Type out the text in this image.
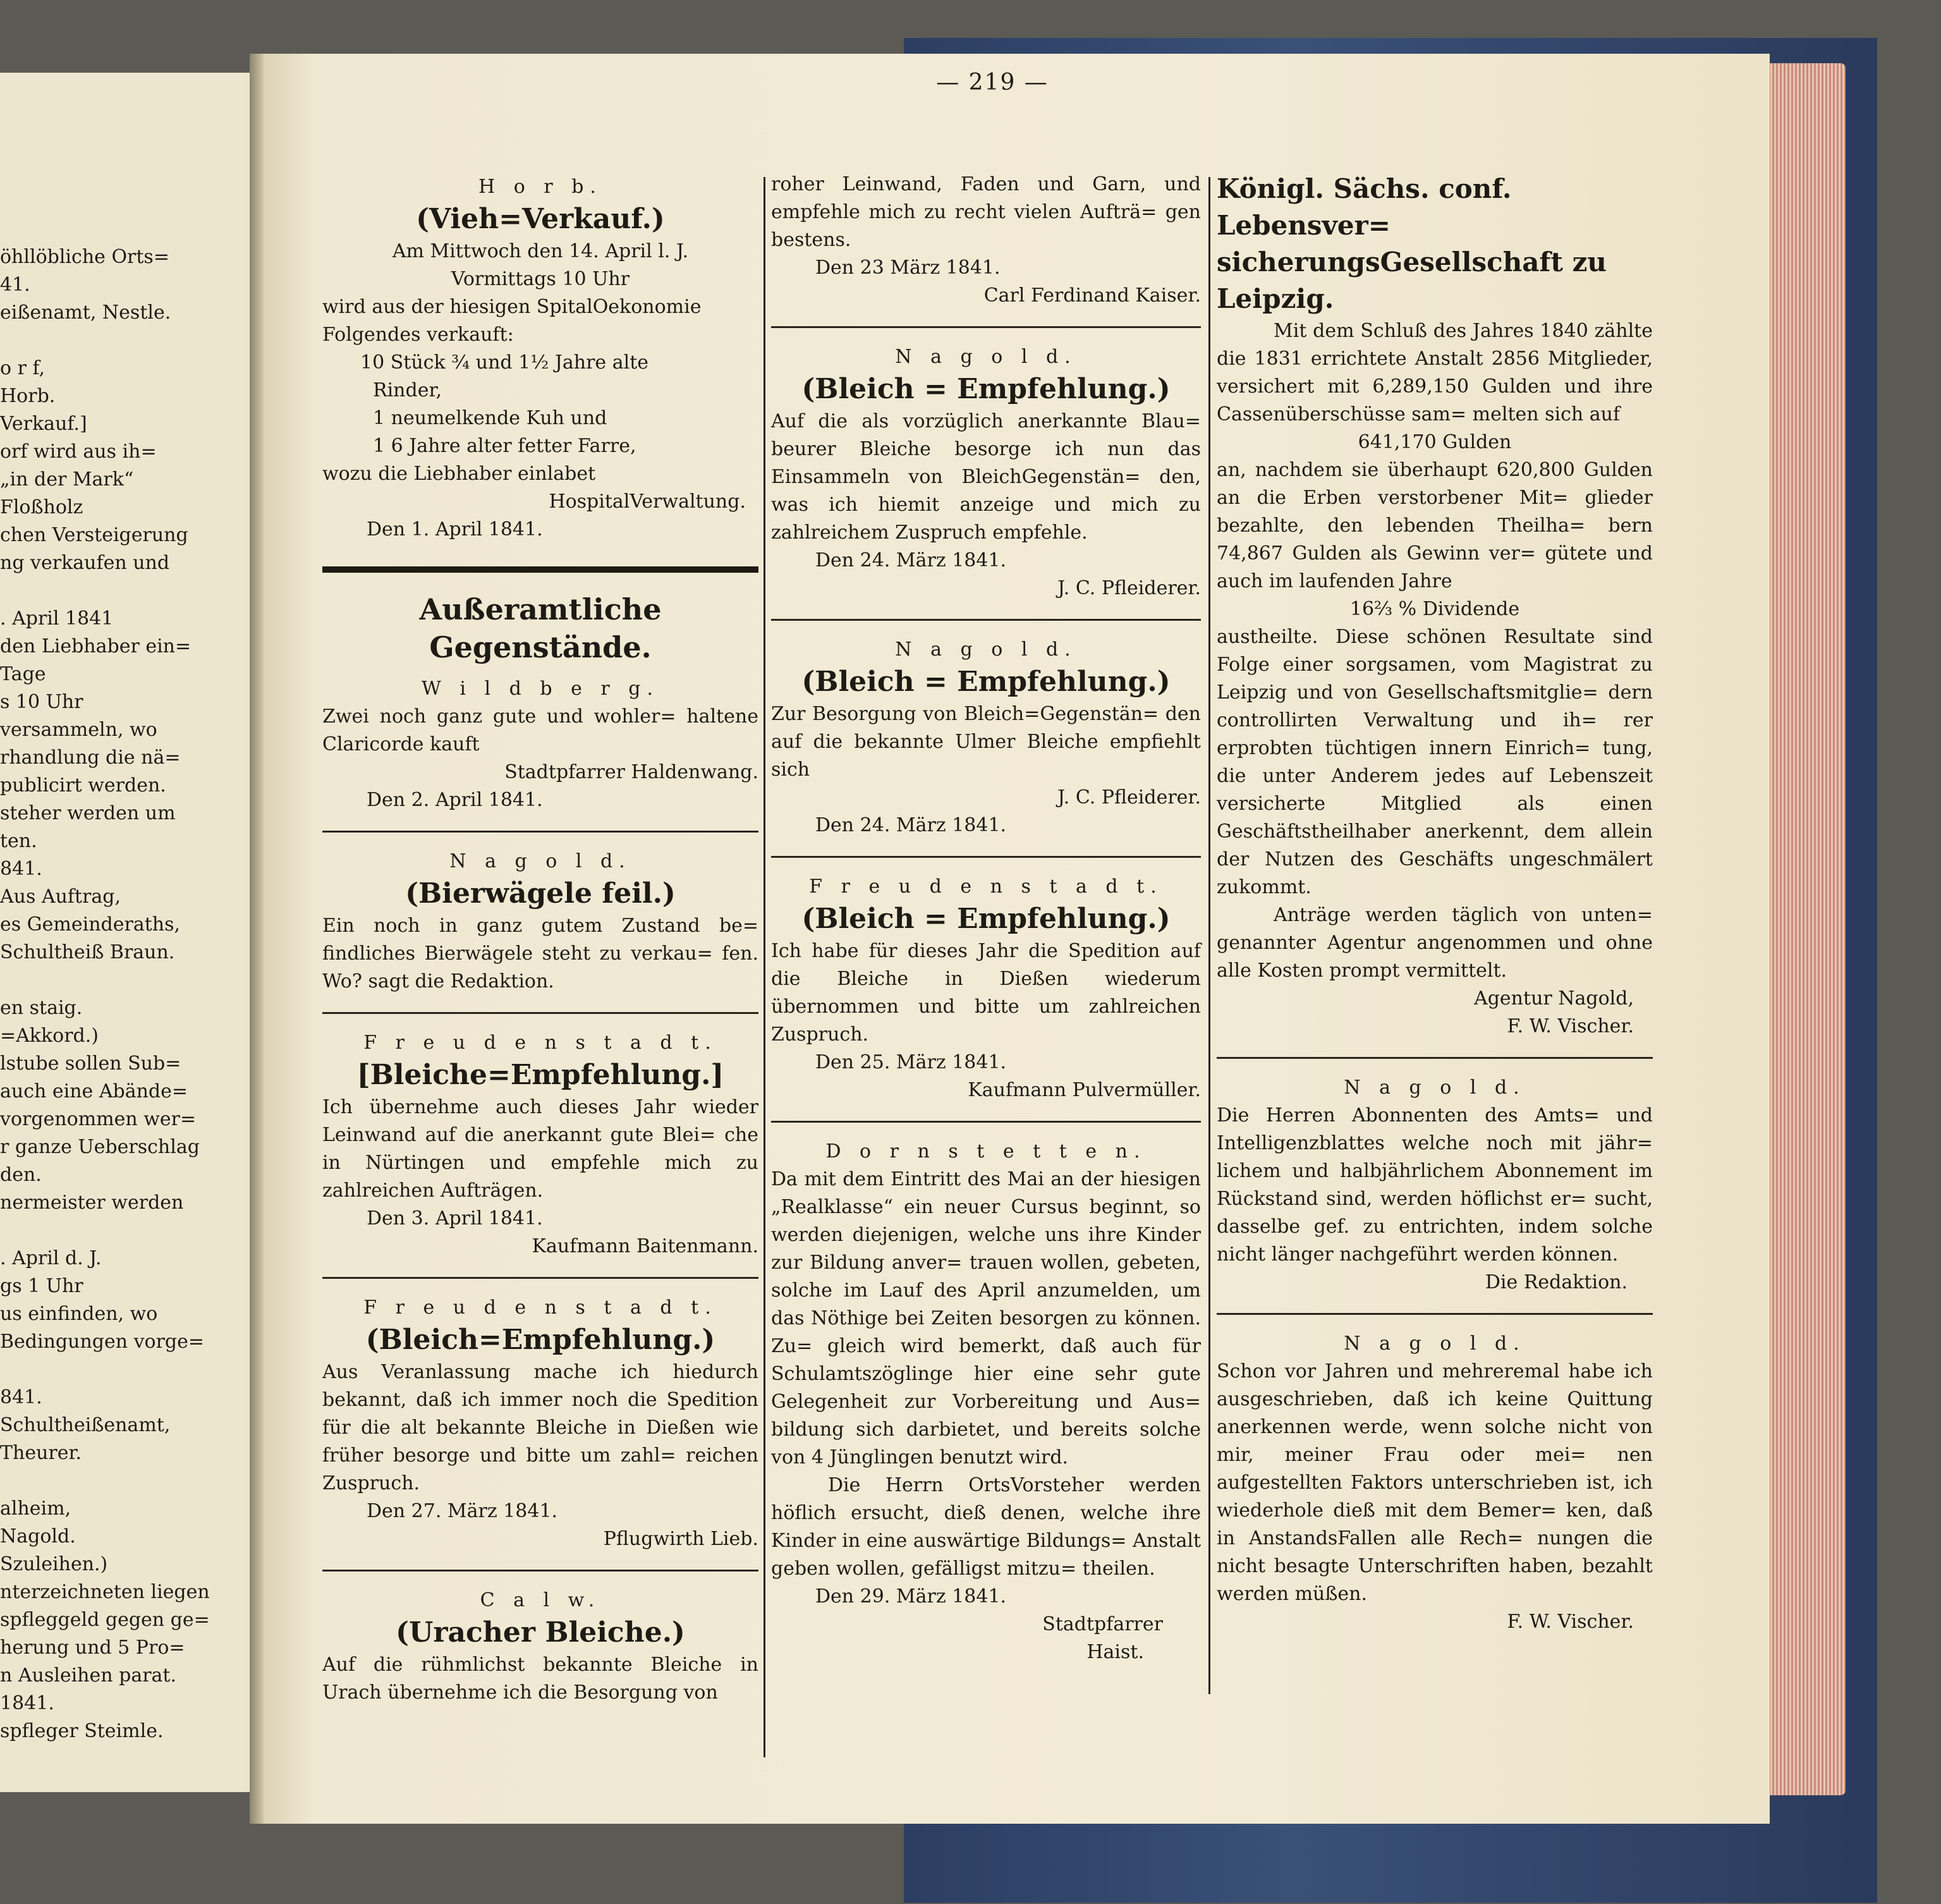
öhllöbliche Orts=
41.
eißenamt, Nestle.
o r f,
Horb.
Verkauf.]
orf wird aus ih=
„in der Mark“
Floßholz
chen Versteigerung
ng verkaufen und
. April 1841
den Liebhaber ein=
Tage
s 10 Uhr
versammeln, wo
rhandlung die nä=
publicirt werden.
steher werden um
ten.
841.
Aus Auftrag,
es Gemeinderaths,
Schultheiß Braun.
en staig.
=Akkord.)
lstube sollen Sub=
auch eine Abände=
vorgenommen wer=
r ganze Ueberschlag
den.
nermeister werden
. April d. J.
gs 1 Uhr
us einfinden, wo
Bedingungen vorge=
841.
Schultheißenamt,
Theurer.
alheim,
Nagold.
Szuleihen.)
nterzeichneten liegen
spfleggeld gegen ge=
herung und 5 Pro=
n Ausleihen parat.
1841.
spfleger Steimle.
— 219 —
H o r b.
(Vieh=Verkauf.)
Am Mittwoch den 14. April l. J.
Vormittags 10 Uhr
wird aus der hiesigen SpitalOekonomie
Folgendes verkauft:
10 Stück ¾ und 1½ Jahre alte
Rinder,
1 neumelkende Kuh und
1 6 Jahre alter fetter Farre,
wozu die Liebhaber einlabet
HospitalVerwaltung.
Den 1. April 1841.
Außeramtliche Gegenstände.
W i l d b e r g.
Zwei noch ganz gute und wohler= haltene Claricorde kauft
Stadtpfarrer Haldenwang.
Den 2. April 1841.
N a g o l d.
(Bierwägele feil.)
Ein noch in ganz gutem Zustand be= findliches Bierwägele steht zu verkau= fen. Wo? sagt die Redaktion.
F r e u d e n s t a d t.
[Bleiche=Empfehlung.]
Ich übernehme auch dieses Jahr wieder Leinwand auf die anerkannt gute Blei= che in Nürtingen und empfehle mich zu zahlreichen Aufträgen.
Den 3. April 1841.
Kaufmann Baitenmann.
F r e u d e n s t a d t.
(Bleich=Empfehlung.)
Aus Veranlassung mache ich hiedurch bekannt, daß ich immer noch die Spedition für die alt bekannte Bleiche in Dießen wie früher besorge und bitte um zahl= reichen Zuspruch.
Den 27. März 1841.
Pflugwirth Lieb.
C a l w.
(Uracher Bleiche.)
Auf die rühmlichst bekannte Bleiche in Urach übernehme ich die Besorgung von
roher Leinwand, Faden und Garn, und empfehle mich zu recht vielen Aufträ= gen bestens.
Den 23 März 1841.
Carl Ferdinand Kaiser.
N a g o l d.
(Bleich = Empfehlung.)
Auf die als vorzüglich anerkannte Blau= beurer Bleiche besorge ich nun das Einsammeln von BleichGegenstän= den, was ich hiemit anzeige und mich zu zahlreichem Zuspruch empfehle.
Den 24. März 1841.
J. C. Pfleiderer.
N a g o l d.
(Bleich = Empfehlung.)
Zur Besorgung von Bleich=Gegenstän= den auf die bekannte Ulmer Bleiche empfiehlt sich
J. C. Pfleiderer.
Den 24. März 1841.
F r e u d e n s t a d t.
(Bleich = Empfehlung.)
Ich habe für dieses Jahr die Spedition auf die Bleiche in Dießen wiederum übernommen und bitte um zahlreichen Zuspruch.
Den 25. März 1841.
Kaufmann Pulvermüller.
D o r n s t e t t e n.
Da mit dem Eintritt des Mai an der hiesigen „Realklasse“ ein neuer Cursus beginnt, so werden diejenigen, welche uns ihre Kinder zur Bildung anver= trauen wollen, gebeten, solche im Lauf des April anzumelden, um das Nöthige bei Zeiten besorgen zu können. Zu= gleich wird bemerkt, daß auch für Schulamtszöglinge hier eine sehr gute Gelegenheit zur Vorbereitung und Aus= bildung sich darbietet, und bereits solche von 4 Jünglingen benutzt wird.
Die Herrn OrtsVorsteher werden höflich ersucht, dieß denen, welche ihre Kinder in eine auswärtige Bildungs= Anstalt geben wollen, gefälligst mitzu= theilen.
Den 29. März 1841.
Stadtpfarrer
Haist.
Königl. Sächs. conf. Lebensver=
sicherungsGesellschaft zu Leipzig.
Mit dem Schluß des Jahres 1840 zählte die 1831 errichtete Anstalt 2856 Mitglieder, versichert mit 6,289,150 Gulden und ihre Cassenüberschüsse sam= melten sich auf
641,170 Gulden
an, nachdem sie überhaupt 620,800 Gulden an die Erben verstorbener Mit= glieder bezahlte, den lebenden Theilha= bern 74,867 Gulden als Gewinn ver= gütete und auch im laufenden Jahre
16⅔ % Dividende
austheilte. Diese schönen Resultate sind Folge einer sorgsamen, vom Magistrat zu Leipzig und von Gesellschaftsmitglie= dern controllirten Verwaltung und ih= rer erprobten tüchtigen innern Einrich= tung, die unter Anderem jedes auf Lebenszeit versicherte Mitglied als einen Geschäftstheilhaber anerkennt, dem allein der Nutzen des Geschäfts ungeschmälert zukommt.
Anträge werden täglich von unten= genannter Agentur angenommen und ohne alle Kosten prompt vermittelt.
Agentur Nagold,
F. W. Vischer.
N a g o l d.
Die Herren Abonnenten des Amts= und Intelligenzblattes welche noch mit jähr= lichem und halbjährlichem Abonnement im Rückstand sind, werden höflichst er= sucht, dasselbe gef. zu entrichten, indem solche nicht länger nachgeführt werden können.
Die Redaktion.
N a g o l d.
Schon vor Jahren und mehreremal habe ich ausgeschrieben, daß ich keine Quittung anerkennen werde, wenn solche nicht von mir, meiner Frau oder mei= nen aufgestellten Faktors unterschrieben ist, ich wiederhole dieß mit dem Bemer= ken, daß in AnstandsFallen alle Rech= nungen die nicht besagte Unterschriften haben, bezahlt werden müßen.
F. W. Vischer.
